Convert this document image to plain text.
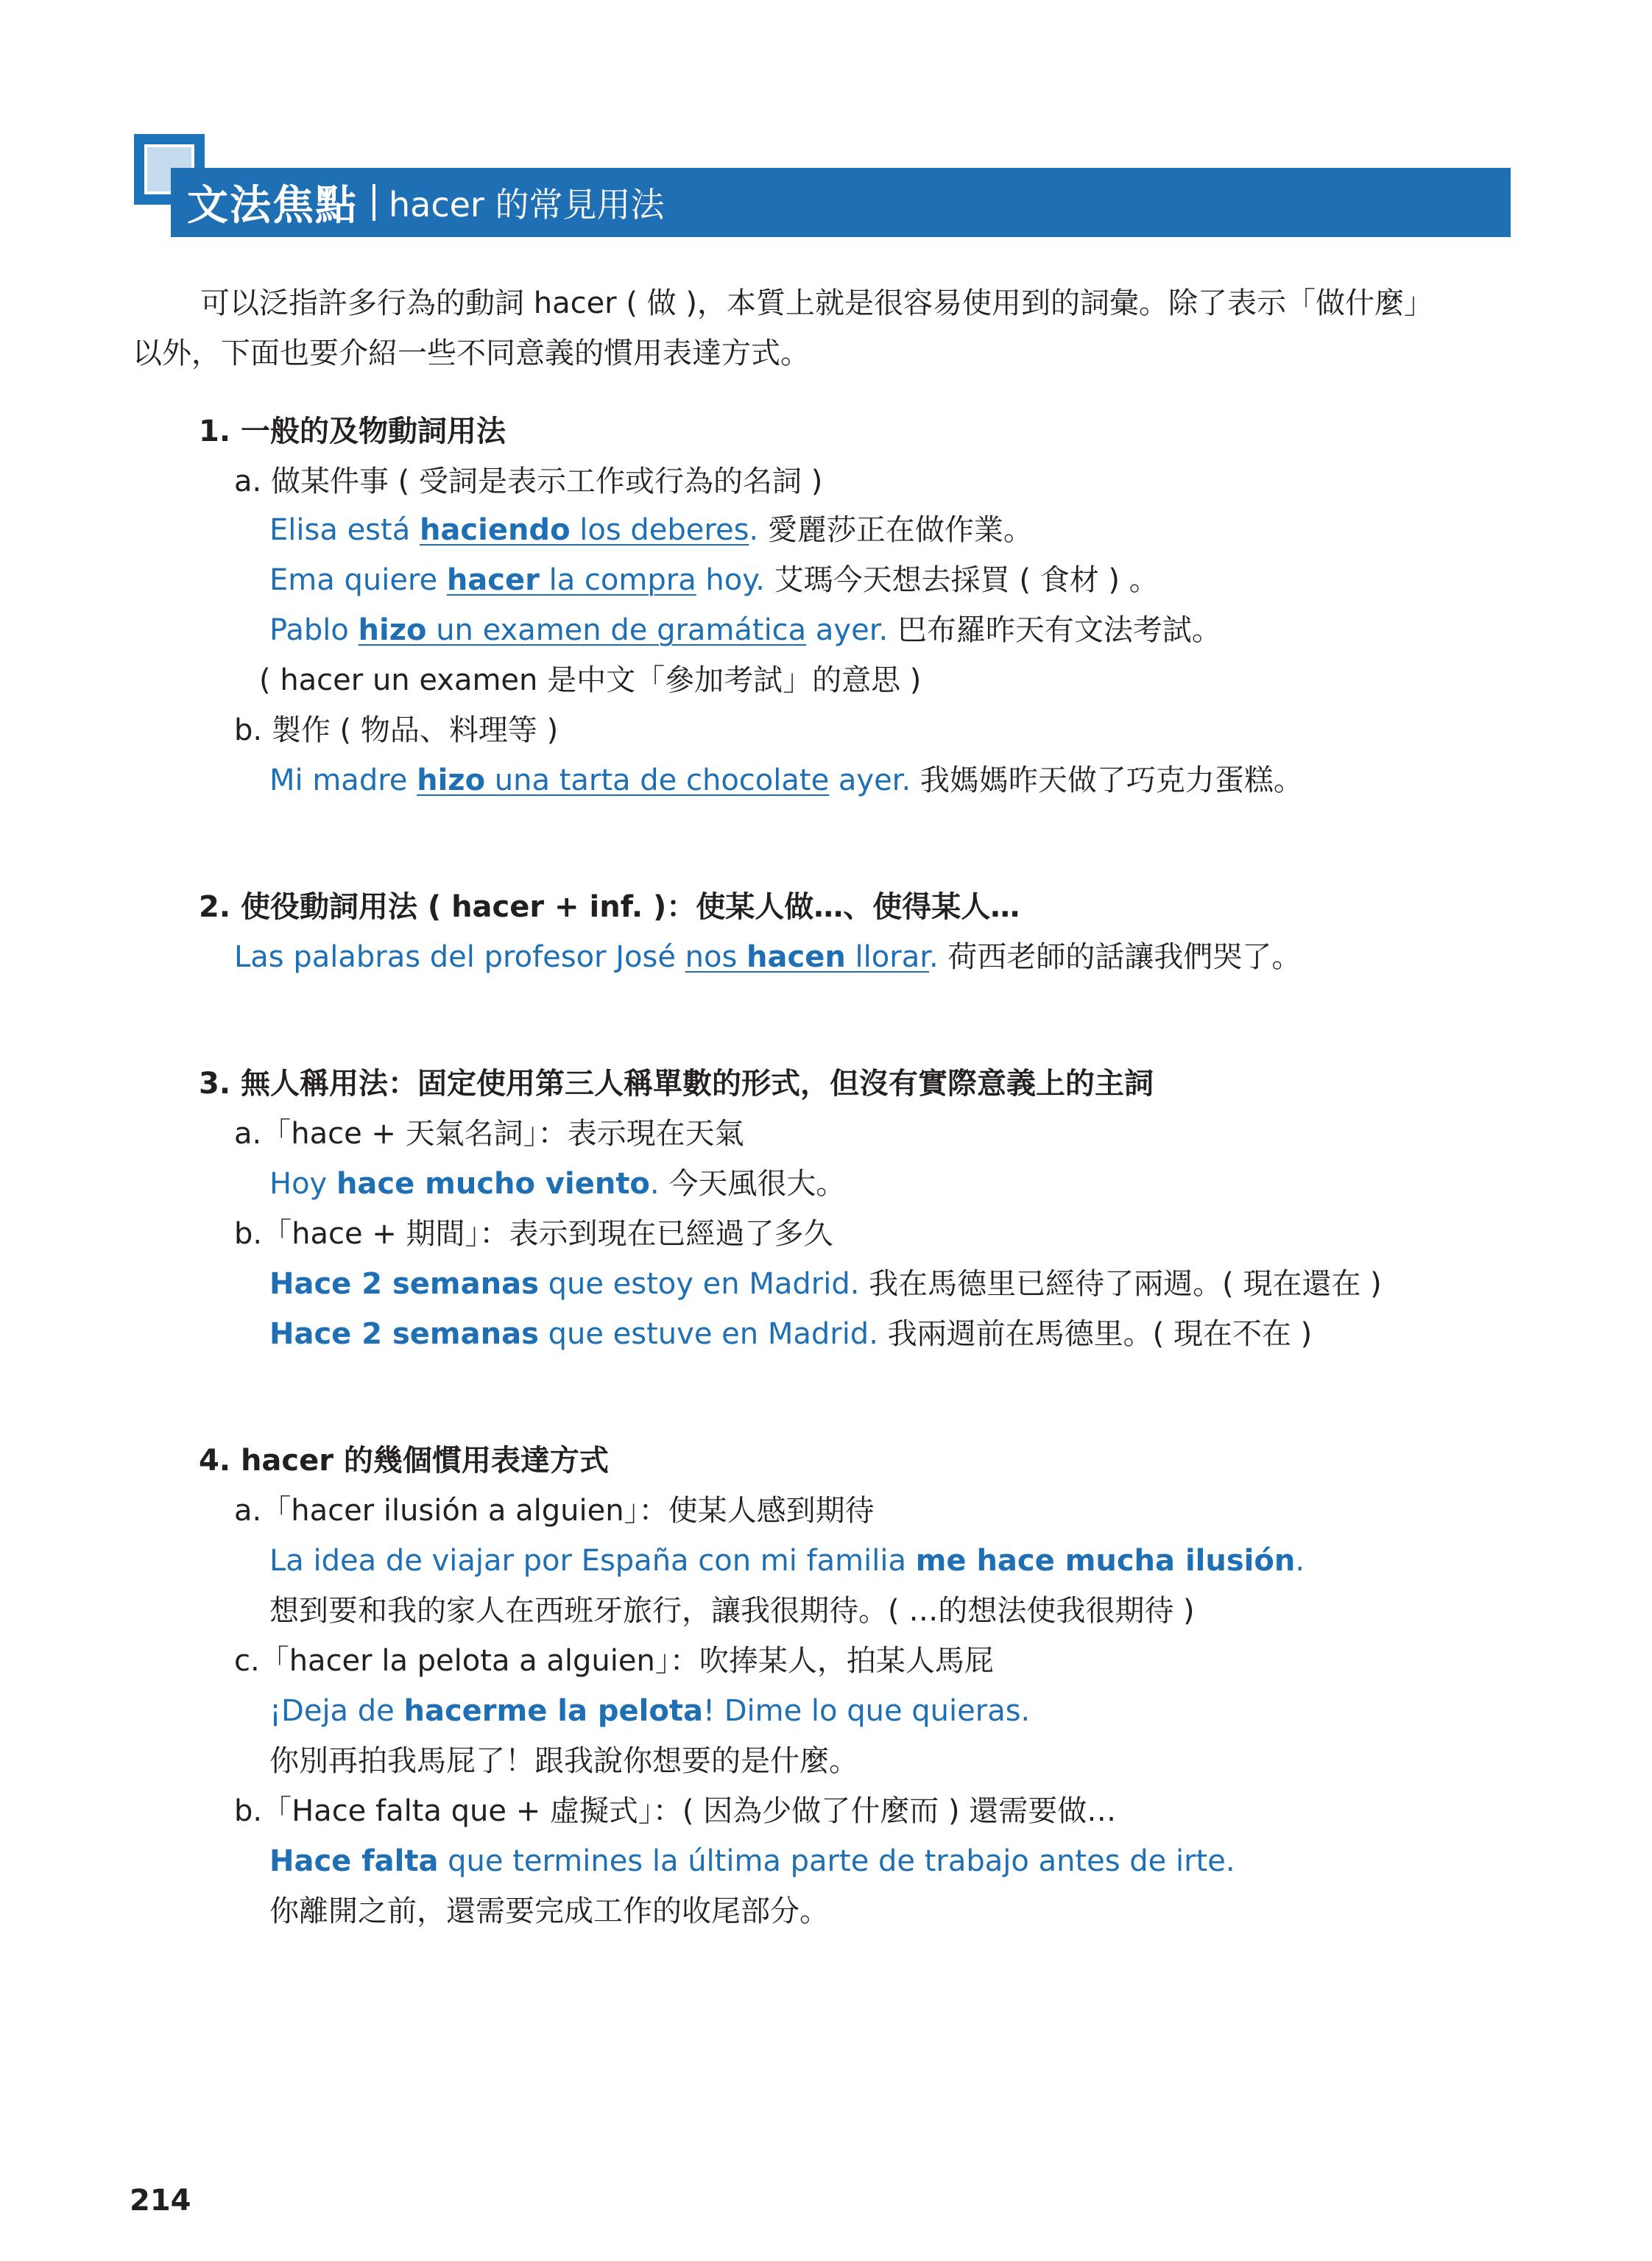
文法焦點 hacer 的常見用法

可以泛指許多行為的動詞 hacer ( 做 )，本質上就是很容易使用到的詞彙。除了表示「做什麼」
以外，下面也要介紹一些不同意義的慣用表達方式。

1. 一般的及物動詞用法
a. 做某件事 ( 受詞是表示工作或行為的名詞 )
Elisa está haciendo los deberes. 愛麗莎正在做作業。
Ema quiere hacer la compra hoy. 艾瑪今天想去採買 ( 食材 ) 。
Pablo hizo un examen de gramática ayer. 巴布羅昨天有文法考試。
( hacer un examen 是中文「參加考試」的意思 )
b. 製作 ( 物品、料理等 )
Mi madre hizo una tarta de chocolate ayer. 我媽媽昨天做了巧克力蛋糕。
2. 使役動詞用法 ( hacer + inf. )：使某人做…、使得某人…
Las palabras del profesor José nos hacen llorar. 荷西老師的話讓我們哭了。
3. 無人稱用法：固定使用第三人稱單數的形式，但沒有實際意義上的主詞
a.「hace + 天氣名詞」：表示現在天氣
Hoy hace mucho viento. 今天風很大。
b.「hace + 期間」：表示到現在已經過了多久
Hace 2 semanas que estoy en Madrid. 我在馬德里已經待了兩週。( 現在還在 )
Hace 2 semanas que estuve en Madrid. 我兩週前在馬德里。( 現在不在 )
4. hacer 的幾個慣用表達方式
a.「hacer ilusión a alguien」：使某人感到期待
La idea de viajar por España con mi familia me hace mucha ilusión.
想到要和我的家人在西班牙旅行，讓我很期待。( …的想法使我很期待 )
c.「hacer la pelota a alguien」：吹捧某人，拍某人馬屁
¡Deja de hacerme la pelota! Dime lo que quieras.
你別再拍我馬屁了！跟我說你想要的是什麼。
b.「Hace falta que + 虛擬式」：( 因為少做了什麼而 ) 還需要做…
Hace falta que termines la última parte de trabajo antes de irte.
你離開之前，還需要完成工作的收尾部分。
214
